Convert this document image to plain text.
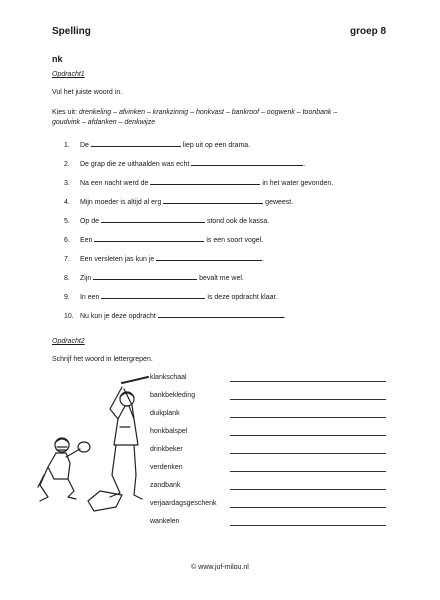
Spelling	groep 8
nk
Opdracht1
Vul het juiste woord in.
Kies uit: drenkeling – afvinken – krankzinnig – honkvast – bankroof – oogwenk – toonbank –
goudvink – afdanken – denkwijze
1. De	liep uit op een drama.
2. De grap die ze uithaalden was echt	.
3. Na een nacht werd de	in het water gevonden.
4. Mijn moeder is altijd al erg	geweest.
5. Op de	stond ook de kassa.
6. Een	is een soort vogel.
7. Een versleten jas kun je	.
8. Zijn	bevalt me wel.
9. In een	is deze opdracht klaar.
10. Nu kun je deze opdracht	.
Opdracht2
Schrijf het woord in lettergrepen.
klankschaal
bankbekleding
duikplank
honkbalspel
drinkbeker
verdenken
zandbank
verjaardagsgeschenk
wankelen
© www.juf-milou.nl
